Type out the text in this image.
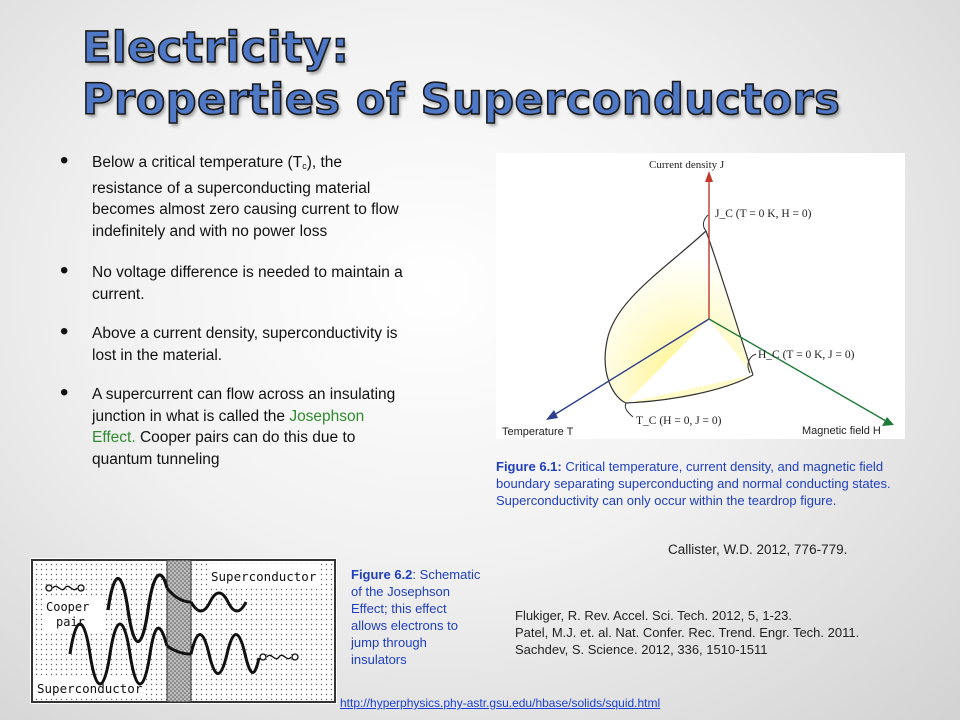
Electricity:
Properties of Superconductors
• Below a critical temperature $(T_c)$, the resistance of a superconducting material becomes almost zero causing current to flow indefinitely and with no power loss
• No voltage difference is needed to maintain a current.
• Above a current density, superconductivity is lost in the material.
• A supercurrent can flow across an insulating junction in what is called the Josephson Effect. Cooper pairs can do this due to quantum tunneling
Current density J
J_C (T = 0 K, H = 0)
H_C (T = 0 K, J = 0)
T_C (H = 0, J = 0)
Temperature T	Magnetic field H
Figure 6.1: Critical temperature, current density, and magnetic field boundary separating superconducting and normal conducting states. Superconductivity can only occur within the teardrop figure.
Callister, W.D. 2012, 776-779.
Superconductor
Superconductor
Cooper
pair
Figure 6.2: Schematic of the Josephson Effect; this effect allows electrons to jump through insulators
Flukiger, R. Rev. Accel. Sci. Tech. 2012, 5, 1-23.
Patel, M.J. et. al. Nat. Confer. Rec. Trend. Engr. Tech. 2011.
Sachdev, S. Science. 2012, 336, 1510-1511
http://hyperphysics.phy-astr.gsu.edu/hbase/solids/squid.html
